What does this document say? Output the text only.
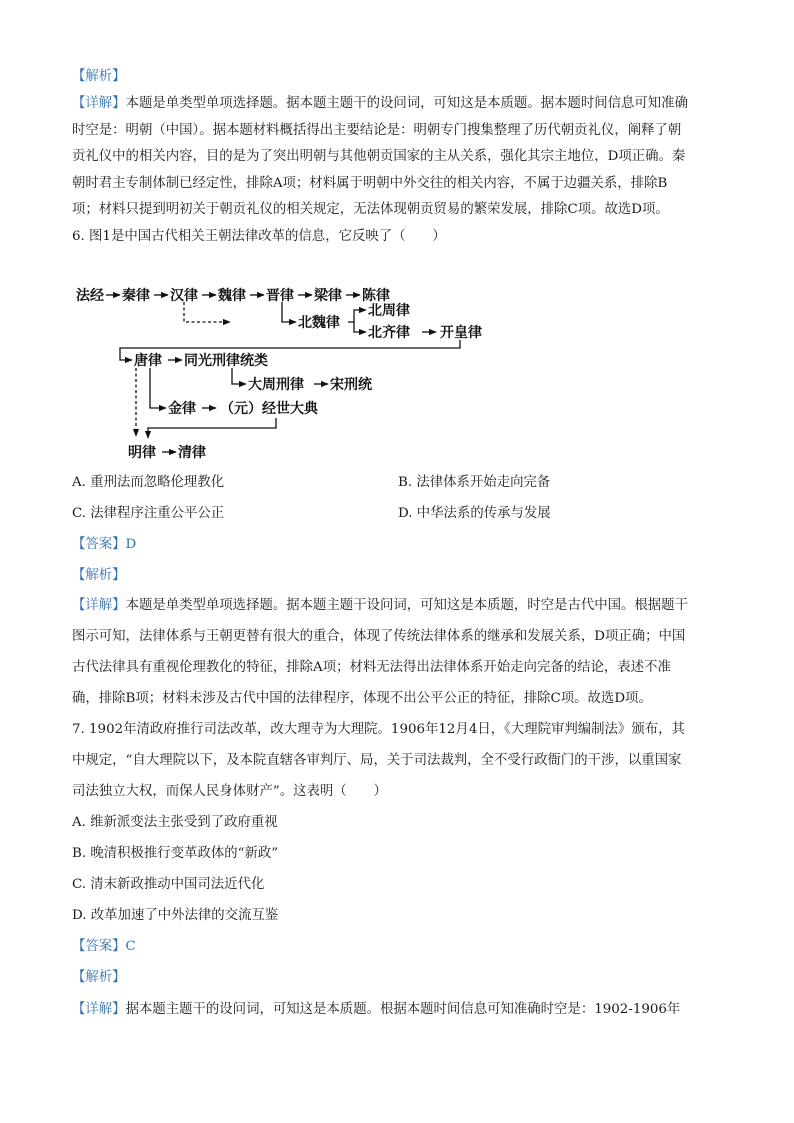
【解析】
【详解】本题是单类型单项选择题。据本题主题干的设问词，可知这是本质题。据本题时间信息可知准确
时空是：明朝（中国）。据本题材料概括得出主要结论是：明朝专门搜集整理了历代朝贡礼仪，阐释了朝
贡礼仪中的相关内容，目的是为了突出明朝与其他朝贡国家的主从关系，强化其宗主地位，D项正确。秦
朝时君主专制体制已经定性，排除A项；材料属于明朝中外交往的相关内容，不属于边疆关系，排除B
项；材料只提到明初关于朝贡礼仪的相关规定，无法体现朝贡贸易的繁荣发展，排除C项。故选D项。
6. 图1是中国古代相关王朝法律改革的信息，它反映了（　　）
法经 秦律 汉律 魏律 晋律 梁律 陈律
北魏律
北周律
北齐律 开皇律
唐律 同光刑律统类
大周刑律 宋刑统
金律 （元）经世大典
明律 清律
A. 重刑法而忽略伦理教化	B. 法律体系开始走向完备
C. 法律程序注重公平公正	D. 中华法系的传承与发展
【答案】D
【解析】
【详解】本题是单类型单项选择题。据本题主题干设问词，可知这是本质题，时空是古代中国。根据题干
图示可知，法律体系与王朝更替有很大的重合，体现了传统法律体系的继承和发展关系，D项正确；中国
古代法律具有重视伦理教化的特征，排除A项；材料无法得出法律体系开始走向完备的结论，表述不准
确，排除B项；材料未涉及古代中国的法律程序，体现不出公平公正的特征，排除C项。故选D项。
7. 1902年清政府推行司法改革，改大理寺为大理院。1906年12月4日，《大理院审判编制法》颁布，其
中规定，“自大理院以下，及本院直辖各审判厅、局，关于司法裁判，全不受行政衙门的干涉，以重国家
司法独立大权，而保人民身体财产”。这表明（　　）
A. 维新派变法主张受到了政府重视
B. 晚清积极推行变革政体的“新政”
C. 清末新政推动中国司法近代化
D. 改革加速了中外法律的交流互鉴
【答案】C
【解析】
【详解】据本题主题干的设问词，可知这是本质题。根据本题时间信息可知准确时空是：1902-1906年
